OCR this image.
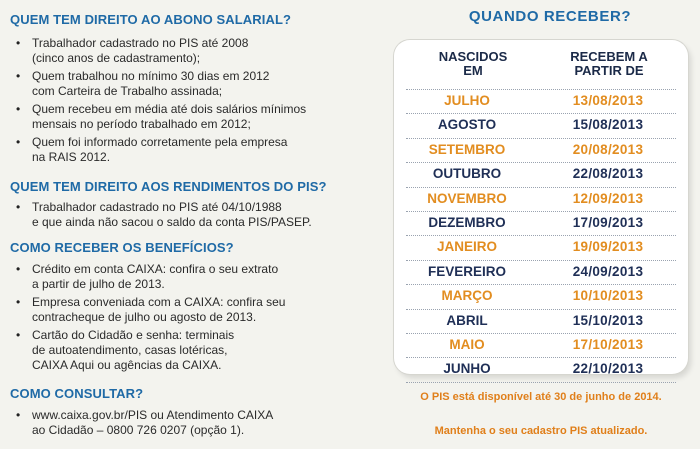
QUEM TEM DIREITO AO ABONO SALARIAL?
• Trabalhador cadastrado no PIS até 2008
(cinco anos de cadastramento);
• Quem trabalhou no mínimo 30 dias em 2012
com Carteira de Trabalho assinada;
• Quem recebeu em média até dois salários mínimos
mensais no período trabalhado em 2012;
• Quem foi informado corretamente pela empresa
na RAIS 2012.
QUEM TEM DIREITO AOS RENDIMENTOS DO PIS?
• Trabalhador cadastrado no PIS até 04/10/1988
e que ainda não sacou o saldo da conta PIS/PASEP.
COMO RECEBER OS BENEFÍCIOS?
• Crédito em conta CAIXA: confira o seu extrato
a partir de julho de 2013.
• Empresa conveniada com a CAIXA: confira seu
contracheque de julho ou agosto de 2013.
• Cartão do Cidadão e senha: terminais
de autoatendimento, casas lotéricas,
CAIXA Aqui ou agências da CAIXA.
COMO CONSULTAR?
• www.caixa.gov.br/PIS ou Atendimento CAIXA
ao Cidadão – 0800 726 0207 (opção 1).
QUANDO RECEBER?
NASCIDOS
EM
RECEBEM A
PARTIR DE
JULHO	13/08/2013
AGOSTO	15/08/2013
SETEMBRO	20/08/2013
OUTUBRO	22/08/2013
NOVEMBRO	12/09/2013
DEZEMBRO	17/09/2013
JANEIRO	19/09/2013
FEVEREIRO	24/09/2013
MARÇO	10/10/2013
ABRIL	15/10/2013
MAIO	17/10/2013
JUNHO	22/10/2013
O PIS está disponível até 30 de junho de 2014.
Mantenha o seu cadastro PIS atualizado.
